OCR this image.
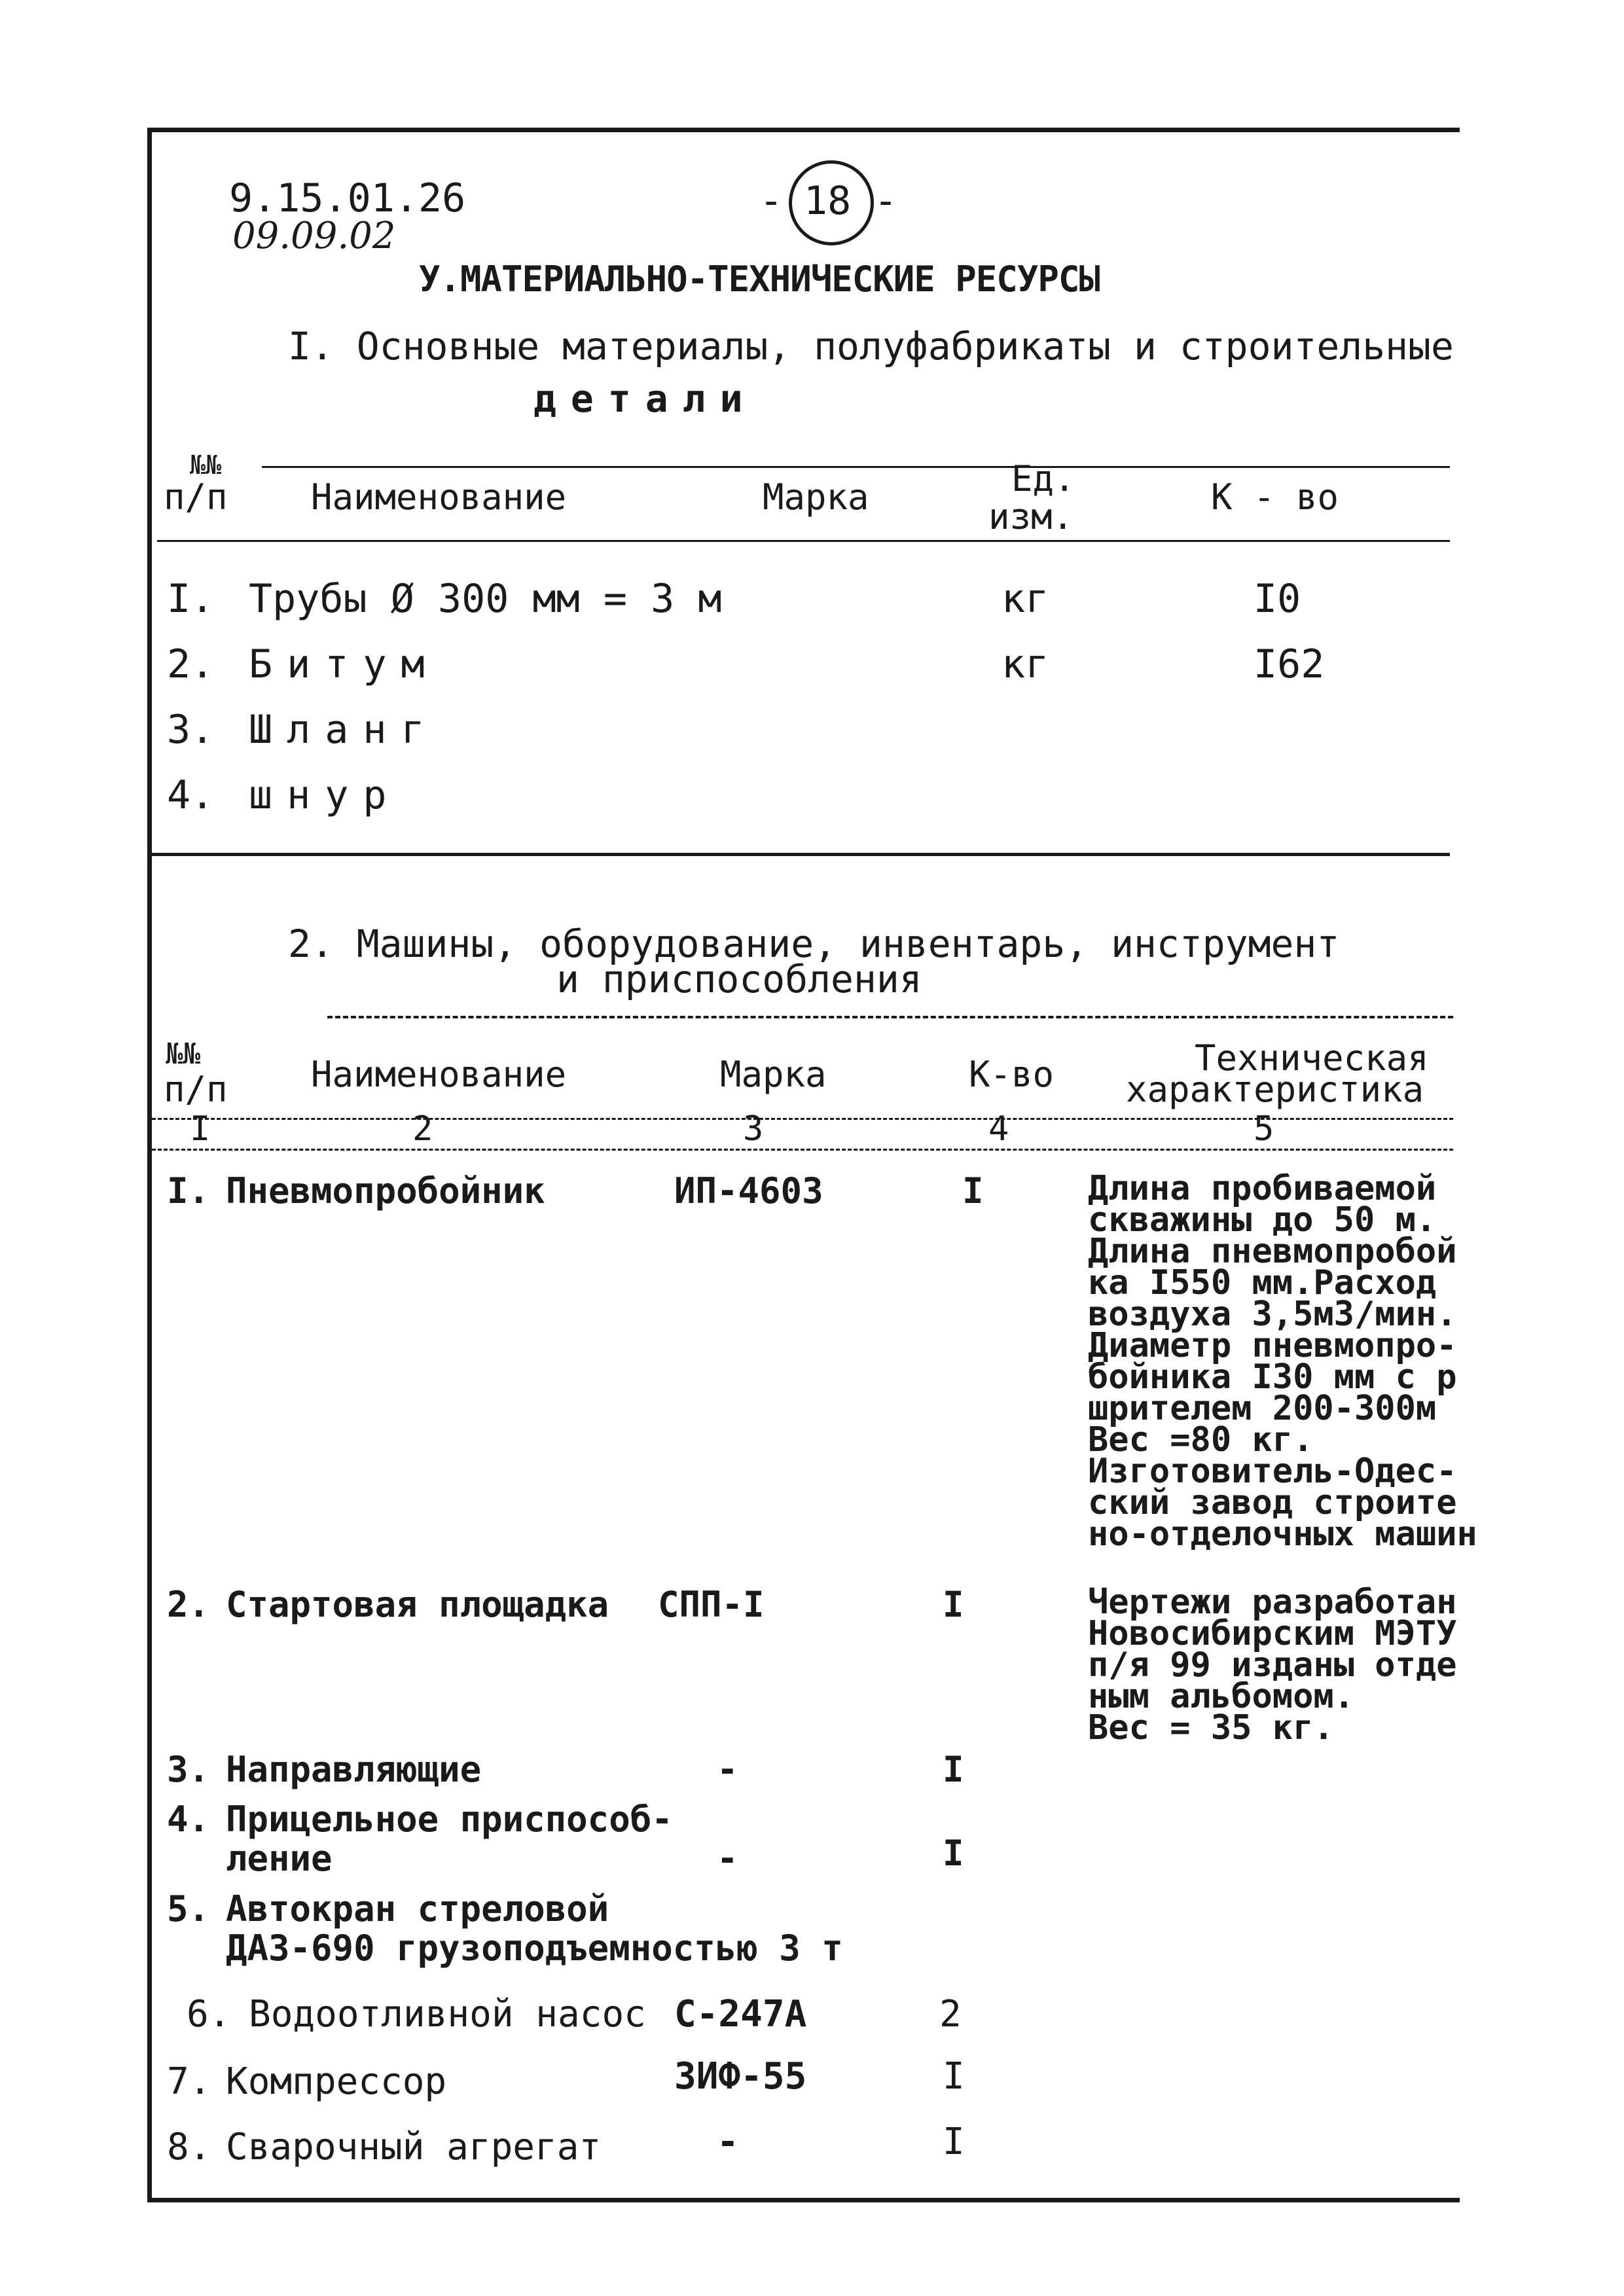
9.15.01.26
09.09.02
- 18 -
У.МАТЕРИАЛЬНО-ТЕХНИЧЕСКИЕ РЕСУРСЫ
I. Основные материалы, полуфабрикаты и строительные
детали
№№
п/п Наименование	Марка	Ед.
изм.	К - во
I. Трубы Ø 300 мм = 3 м	кг	I0
2. Битум	кг	I62
3. Шланг
4. шнур
2. Машины, оборудование, инвентарь, инструмент
и приспособления
№№
п/п Наименование	Марка	К-во	Техническая
характеристика
I	2	3	4	5
I. Пневмопробойник	ИП-4603	I	Длина пробиваемой
скважины до 50 м.
Длина пневмопробой
ка I550 мм.Расход
воздуха 3,5м3/мин.
Диаметр пневмопро-
бойника I30 мм с р
шрителем 200-300м
Вес =80 кг.
Изготовитель-Одес-
ский завод строите
но-отделочных машин
2. Стартовая площадка СПП-I	I	Чертежи разработан
Новосибирским МЭТУ
п/я 99 изданы отде
ным альбомом.
Вес = 35 кг.
3. Направляющие	-	I
4. Прицельное приспособ-
ление	-	I
5. Автокран стреловой
ДАЗ-690 грузоподъемностью 3 т
6. Водоотливной насос С-247А	2
7. Компрессор	ЗИФ-55	I
8. Сварочный агрегат	-	I
